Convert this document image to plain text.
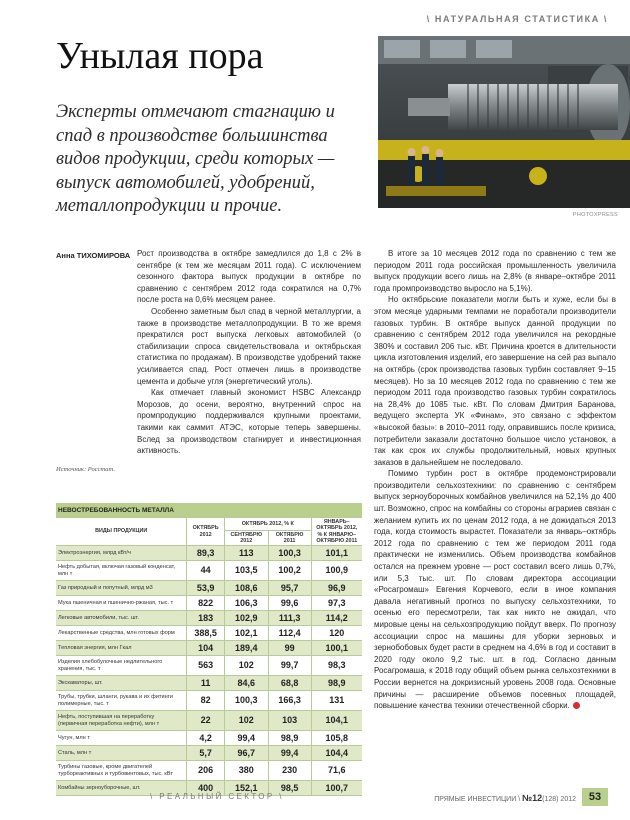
\ НАТУРАЛЬНАЯ СТАТИСТИКА \
Унылая пора
Эксперты отмечают стагнацию и спад в производстве большинства видов продукции, среди которых — выпуск автомобилей, удобрений, металлопродукции и прочие.	PHOTOXPRESS
Анна ТИХОМИРОВА Рост производства в октябре замедлился до 1,8 с 2% в сентябре (к тем же месяцам 2011 года). С исключением сезонного фактора выпуск продукции в октябре по сравнению с сентябрем 2012 года сократился на 0,7% после роста на 0,6% месяцем ранее.

Особенно заметным был спад в черной металлургии, а также в производстве металлопродукции. В то же время прекратился рост выпуска легковых автомобилей (о стабилизации спроса свидетельствовала и октябрьская статистика по продажам). В производстве удобрений также усиливается спад. Рост отмечен лишь в производстве цемента и добыче угля (энергетический уголь).

Как отмечает главный экономист HSBC Александр Морозов, до осени, вероятно, внутренний спрос на промпродукцию поддерживался крупными проектами, такими как саммит АТЭС, которые теперь завершены. Вслед за производством стагнирует и инвестиционная активность.

В итоге за 10 месяцев 2012 года по сравнению с тем же периодом 2011 года российская промышленность увеличила выпуск продукции всего лишь на 2,8% (в январе–октябре 2011 года промпроизводство выросло на 5,1%).

Но октябрьские показатели могли быть и хуже, если бы в этом месяце ударными темпами не поработали производители газовых турбин. В октябре выпуск данной продукции по сравнению с сентябрем 2012 года увеличился на рекордные 380% и составил 206 тыс. кВт. Причина кроется в длительности цикла изготовления изделий, его завершение на сей раз выпало на октябрь (срок производства газовых турбин составляет 9–15 месяцев). Но за 10 месяцев 2012 года по сравнению с тем же периодом 2011 года производство газовых турбин сократилось на 28,4% до 1085 тыс. кВт. По словам Дмитрия Баранова, ведущего эксперта УК «Финам», это связано с эффектом «высокой базы»: в 2010–2011 году, оправившись после кризиса, потребители заказали достаточно большое число установок, а так как срок их службы продолжительный, новых крупных заказов в дальнейшем не последовало.

Помимо турбин рост в октябре продемонстрировали производители сельхозтехники: по сравнению с сентябрем выпуск зерноуборочных комбайнов увеличился на 52,1% до 400 шт. Возможно, спрос на комбайны со стороны аграриев связан с желанием купить их по ценам 2012 года, а не дожидаться 2013 года, когда стоимость вырастет. Показатели за январь–октябрь 2012 года по сравнению с тем же периодом 2011 года практически не изменились. Объем производства комбайнов остался на прежнем уровне — рост составил всего лишь 0,7%, или 5,3 тыс. шт. По словам директора ассоциации «Росагромаш» Евгения Корчевого, если в иное компания давала негативный прогноз по выпуску сельхозтехники, то осенью его пересмотрели, так как никто не ожидал, что мировые цены на сельхозпродукцию пойдут вверх. По прогнозу ассоциации спрос на машины для уборки зерновых и зернобобовых будет расти в среднем на 4,6% в год и составит в 2020 году около 9,2 тыс. шт. в год. Согласно данным Росагромаша, к 2018 году общий объем рынка сельхозтехники в России вернется на докризисный уровень 2008 года. Основные причины — расширение объемов посевных площадей, повышение качества техники отечественной сборки.

Источник: Росстат.
НЕВОСТРЕБОВАННОСТЬ МЕТАЛЛА				
ВИДЫ ПРОДУКЦИИ	ОКТЯБРЬ 2012	ОКТЯБРЬ 2012, % К		ЯНВАРЬ–ОКТЯБРЬ 2012, % К ЯНВАРЮ–ОКТЯБРЮ 2011
		СЕНТЯБРЮ 2012	ОКТЯБРЮ 2011	
Электроэнергия, млрд кВт/ч	89,3	113	100,3	101,1
Нефть добытая, включая газовый конденсат, млн т	44	103,5	100,2	100,9
Газ природный и попутный, млрд м3	53,9	108,6	95,7	96,9
Мука пшеничная и пшенично-ржаная, тыс. т	822	106,3	99,6	97,3
Легковые автомобили, тыс. шт.	183	102,9	111,3	114,2
Лекарственные средства, млн готовых форм	388,5	102,1	112,4	120
Тепловая энергия, млн Гкал	104	189,4	99	100,1
Изделия хлебобулочные недлительного хранения, тыс. т	563	102	99,7	98,3
Экскаваторы, шт.	11	84,6	68,8	98,9
Трубы, трубки, шланги, рукава и их фитинги полимерные, тыс. т	82	100,3	166,3	131
Нефть, поступившая на переработку (первичная переработка нефти), млн т	22	102	103	104,1
Чугун, млн т	4,2	99,4	98,9	105,8
Сталь, млн т	5,7	96,7	99,4	104,4
Турбины газовые, кроме двигателей турбореактивных и турбовинтовых, тыс. кВт	206	380	230	71,6
Комбайны зерноуборочные, шт.	400	152,1	98,5	100,7
\ РЕАЛЬНЫЙ СЕКТОР \	ПРЯМЫЕ ИНВЕСТИЦИИ \ №12(128) 2012	53
